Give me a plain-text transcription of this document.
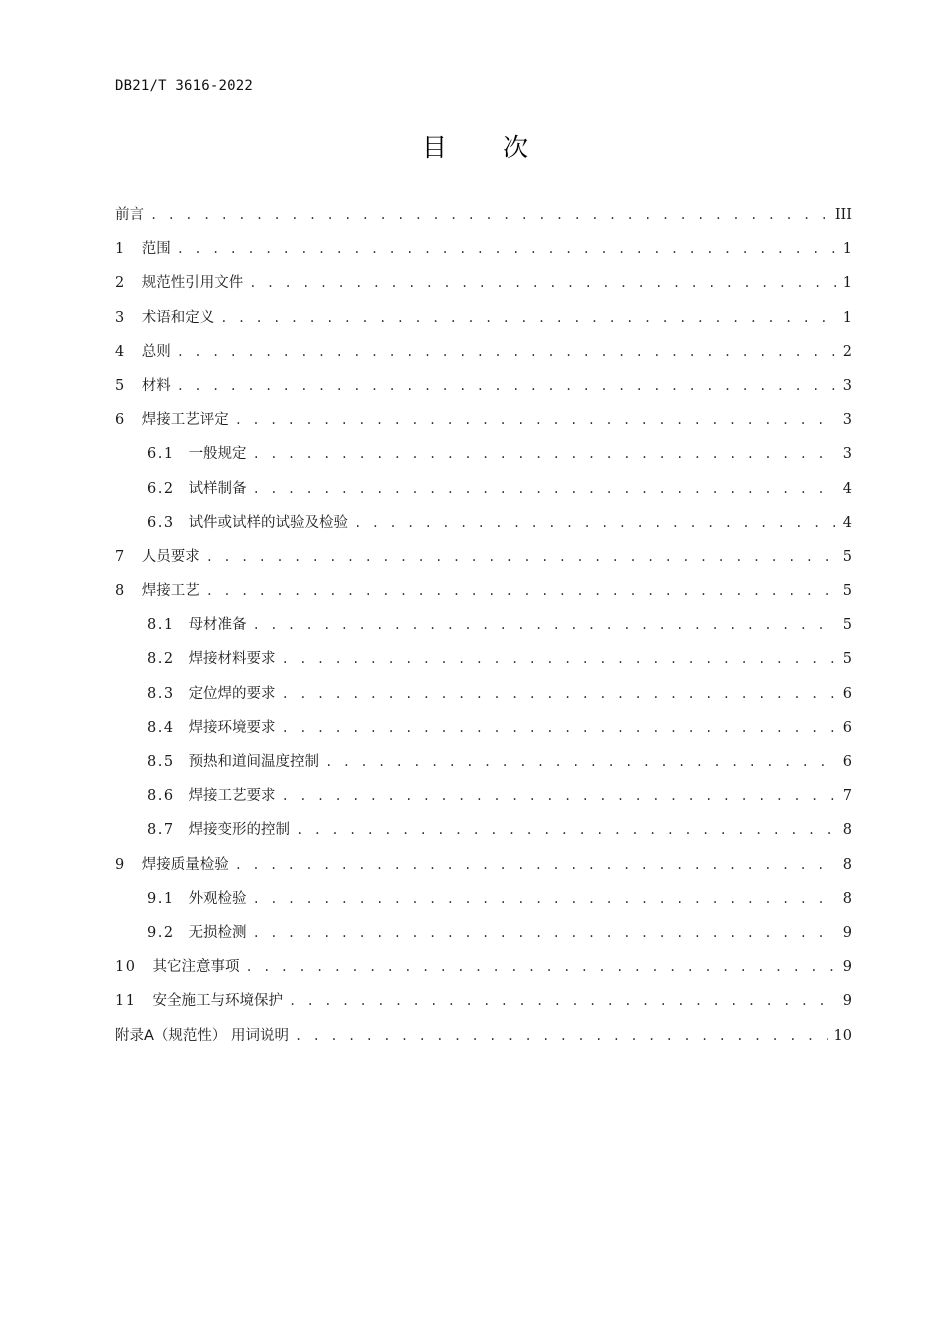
DB21/T 3616-2022
目次
前言 . . .	III
1 范围 . . .	1
2 规范性引用文件 . . .	1
3 术语和定义 . . .	1
4 总则 . . .	2
5 材料 . . .	3
6 焊接工艺评定 . . .	3
6.1 一般规定 . . .	3
6.2 试样制备 . . .	4
6.3 试件或试样的试验及检验 . . .	4
7 人员要求 . . .	5
8 焊接工艺 . . .	5
8.1 母材准备 . . .	5
8.2 焊接材料要求 . . .	5
8.3 定位焊的要求 . . .	6
8.4 焊接环境要求 . . .	6
8.5 预热和道间温度控制 . . .	6
8.6 焊接工艺要求 . . .	7
8.7 焊接变形的控制 . . .	8
9 焊接质量检验 . . .	8
9.1 外观检验 . . .	8
9.2 无损检测 . . .	9
10 其它注意事项 . . .	9
11 安全施工与环境保护 . . .	9
附录A（规范性） 用词说明 . . .	10
